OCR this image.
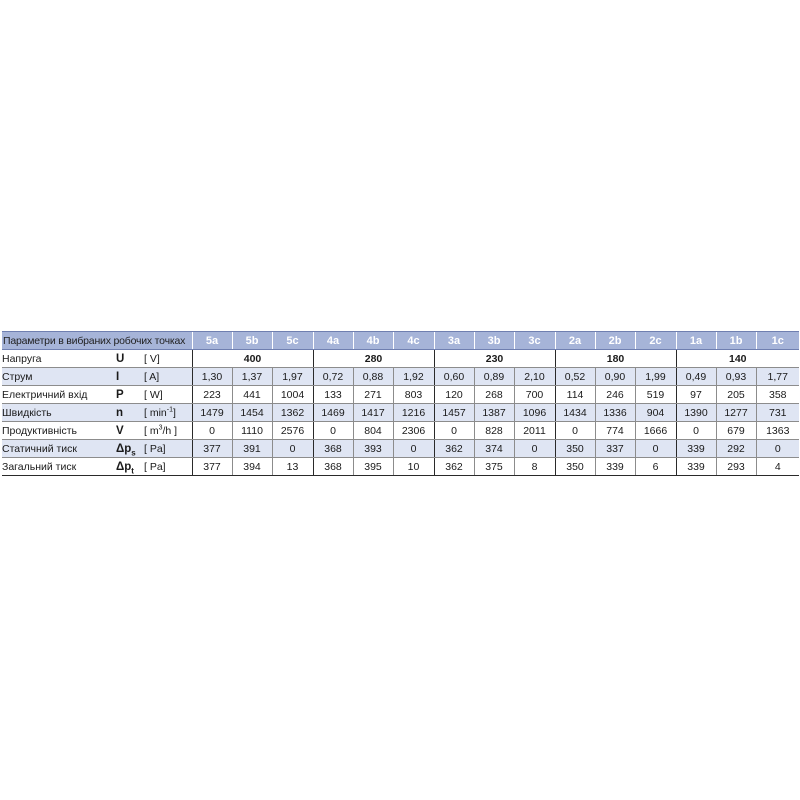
Параметри в вибраних робочих точках			5a	5b	5c	4a	4b	4c	3a	3b	3c	2a	2b	2c	1a	1b	1c
Напруга	U	[ V]	400			280			230			180			140		
Струм	I	[ A]	1,30	1,37	1,97	0,72	0,88	1,92	0,60	0,89	2,10	0,52	0,90	1,99	0,49	0,93	1,77
Електричний вхід	P	[ W]	223	441	1004	133	271	803	120	268	700	114	246	519	97	205	358
Швидкість	n	[ $\min^{-1}$]	1479	1454	1362	1469	1417	1216	1457	1387	1096	1434	1336	904	1390	1277	731
Продуктивність	V	[ $m^3/h$ ]	0	1110	2576	0	804	2306	0	828	2011	0	774	1666	0	679	1363
Статичний тиск	$\Delta p_s$	[ Pa]	377	391	0	368	393	0	362	374	0	350	337	0	339	292	0
Загальний тиск	$\Delta p_t$	[ Pa]	377	394	13	368	395	10	362	375	8	350	339	6	339	293	4
